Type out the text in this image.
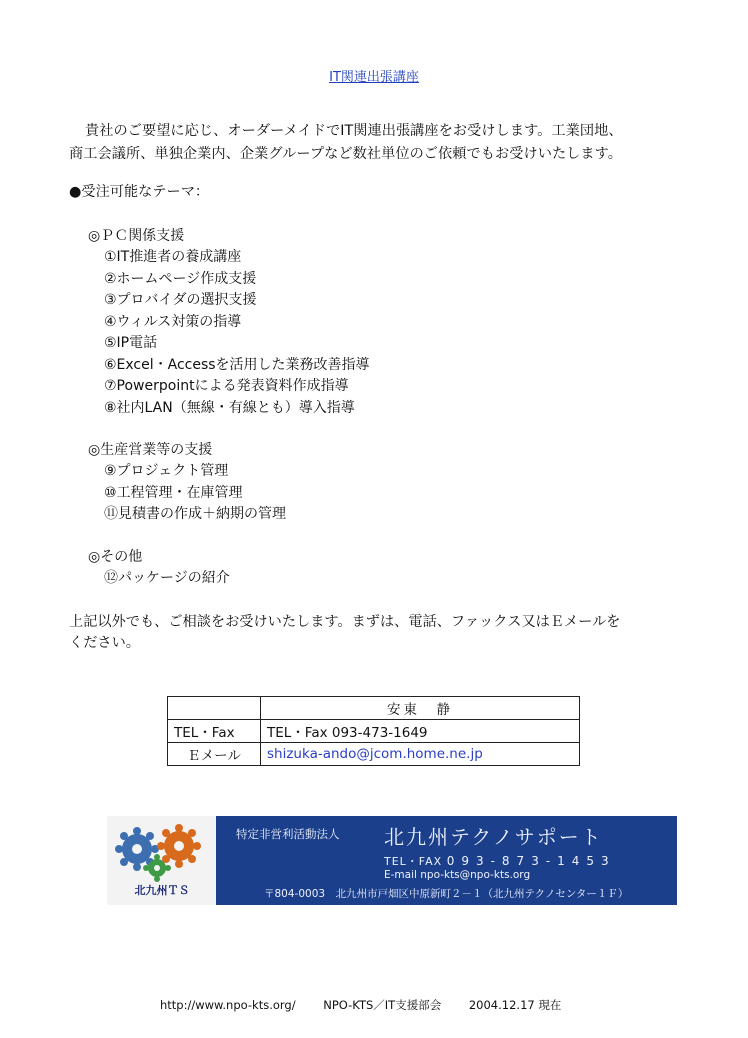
IT関連出張講座

貴社のご要望に応じ、オーダーメイドでIT関連出張講座をお受けします。工業団地、

商工会議所、単独企業内、企業グループなど数社単位のご依頼でもお受けいたします。

●受注可能なテーマ：
◎ＰＣ関係支援
①IT推進者の養成講座
②ホームページ作成支援
③プロバイダの選択支援
④ウィルス対策の指導
⑤IP電話
⑥Excel・Accessを活用した業務改善指導
⑦Powerpointによる発表資料作成指導
⑧社内LAN（無線・有線とも）導入指導
◎生産営業等の支援
⑨プロジェクト管理
⑩工程管理・在庫管理
⑪見積書の作成＋納期の管理
◎その他
⑫パッケージの紹介

上記以外でも、ご相談をお受けいたします。まずは、電話、ファックス又はＥメールを

ください。

	安東　静
TEL・Fax	TEL・Fax 093-473-1649
Ｅメール	shizuka-ando@jcom.home.ne.jp
北九州ＴＳ
特定非営利活動法人 北九州テクノサポート
TEL・FAX 093-873-1453
E-mail npo-kts@npo-kts.org
〒804-0003　北九州市戸畑区中原新町２－１（北九州テクノセンター１Ｆ）
http://www.npo-kts.org/ NPO-KTS／IT支援部会 2004.12.17 現在
